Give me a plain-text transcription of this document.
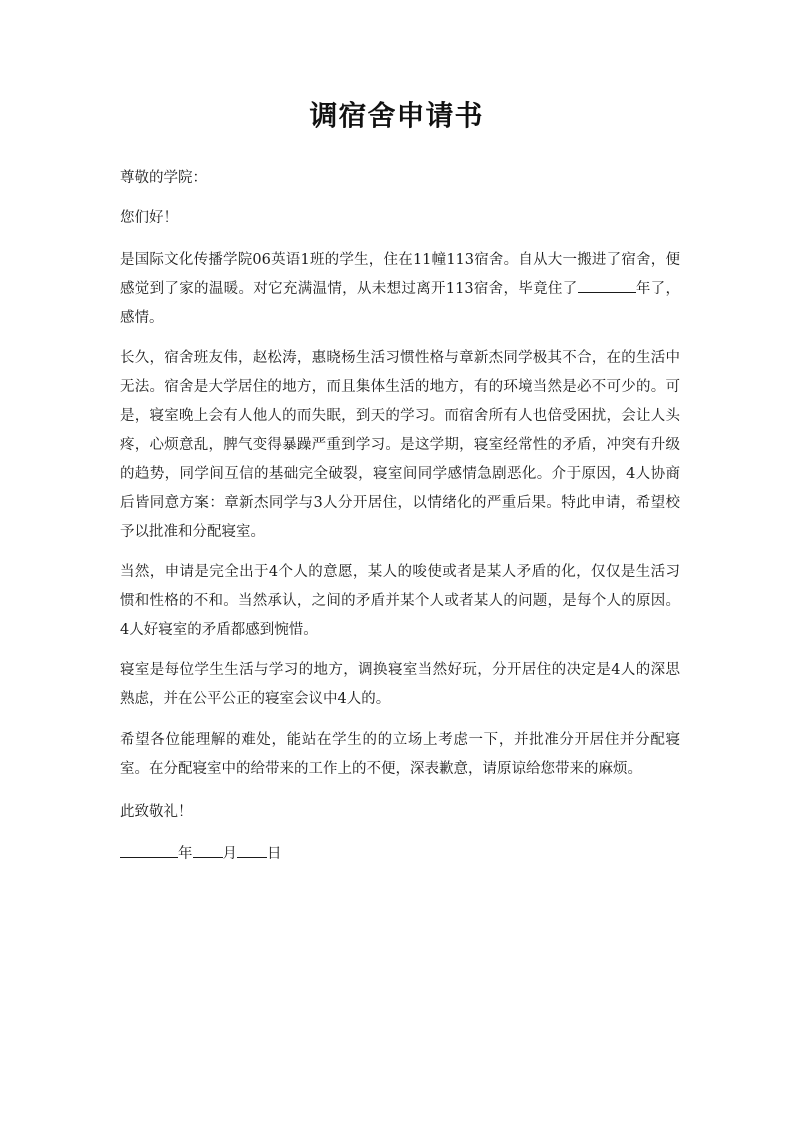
调宿舍申请书

尊敬的学院：

您们好！

是国际文化传播学院06英语1班的学生，住在11幢113宿舍。自从大一搬进了宿舍，便感觉到了家的温暖。对它充满温情，从未想过离开113宿舍，毕竟住了	年了，感情。

长久，宿舍班友伟，赵松涛，惠晓杨生活习惯性格与章新杰同学极其不合，在的生活中无法。宿舍是大学居住的地方，而且集体生活的地方，有的环境当然是必不可少的。可是，寝室晚上会有人他人的而失眠，到天的学习。而宿舍所有人也倍受困扰，会让人头疼，心烦意乱，脾气变得暴躁严重到学习。是这学期，寝室经常性的矛盾，冲突有升级的趋势，同学间互信的基础完全破裂，寝室间同学感情急剧恶化。介于原因，4人协商后皆同意方案：章新杰同学与3人分开居住，以情绪化的严重后果。特此申请，希望校予以批准和分配寝室。

当然，申请是完全出于4个人的意愿，某人的唆使或者是某人矛盾的化，仅仅是生活习惯和性格的不和。当然承认，之间的矛盾并某个人或者某人的问题，是每个人的原因。4人好寝室的矛盾都感到惋惜。

寝室是每位学生生活与学习的地方，调换寝室当然好玩，分开居住的决定是4人的深思熟虑，并在公平公正的寝室会议中4人的。

希望各位能理解的难处，能站在学生的的立场上考虑一下，并批准分开居住并分配寝室。在分配寝室中的给带来的工作上的不便，深表歉意，请原谅给您带来的麻烦。

此致敬礼！

年 月 日
